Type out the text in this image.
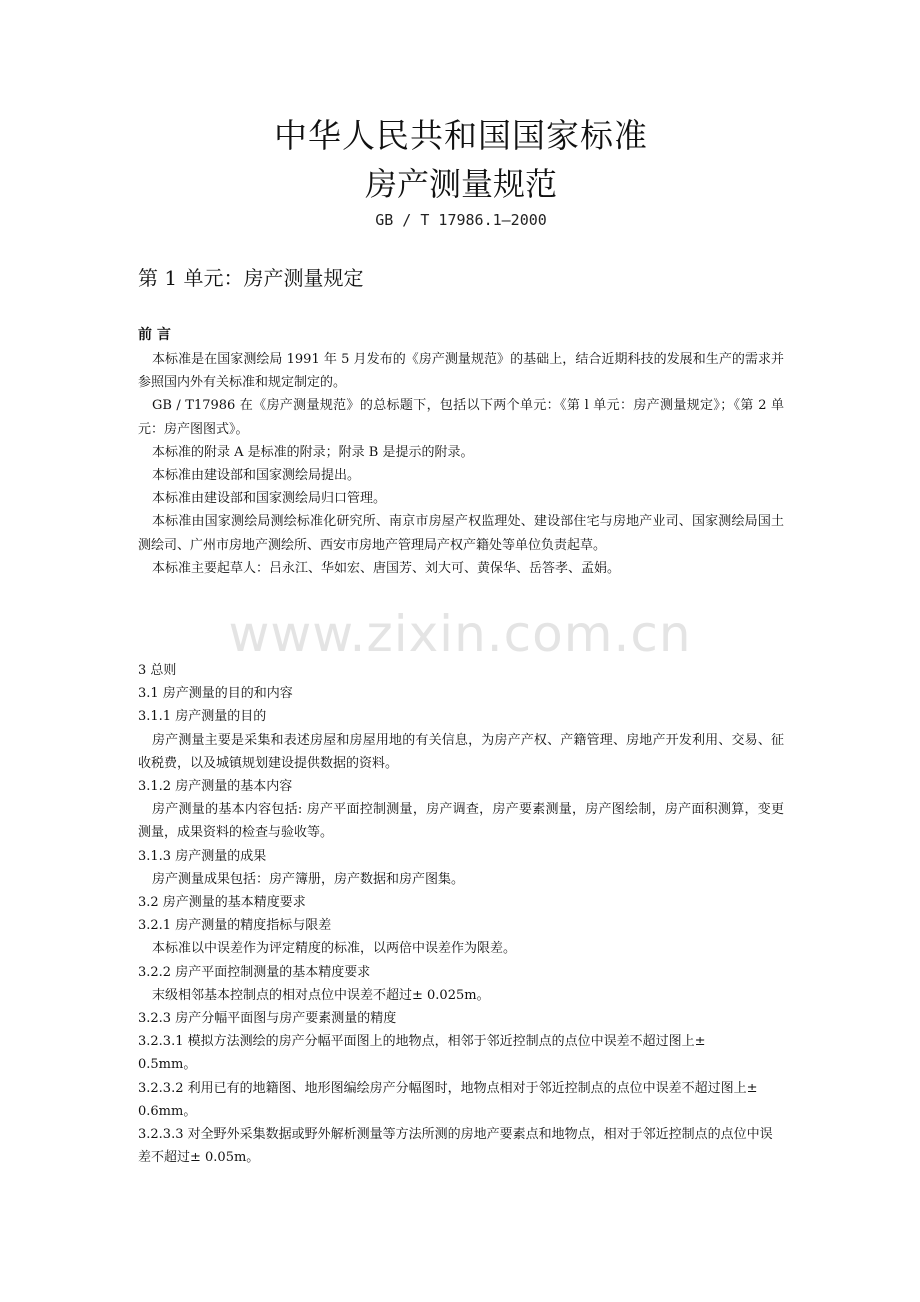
中华人民共和国国家标准
房产测量规范
GB / T 17986.1—2000
第 1 单元：房产测量规定
前 言

本标准是在国家测绘局 1991 年 5 月发布的《房产测量规范》的基础上，结合近期科技的发展和生产的需求并参照国内外有关标准和规定制定的。

GB / T17986 在《房产测量规范》的总标题下，包括以下两个单元：《第 l 单元：房产测量规定》；《第 2 单元：房产图图式》。

本标准的附录 A 是标准的附录；附录 B 是提示的附录。

本标准由建设部和国家测绘局提出。

本标准由建设部和国家测绘局归口管理。

本标准由国家测绘局测绘标准化研究所、南京市房屋产权监理处、建设部住宅与房地产业司、国家测绘局国土测绘司、广州市房地产测绘所、西安市房地产管理局产权产籍处等单位负责起草。

本标准主要起草人：吕永江、华如宏、唐国芳、刘大可、黄保华、岳答孝、孟娟。

3 总则

3.1 房产测量的目的和内容

3.1.1 房产测量的目的

房产测量主要是采集和表述房屋和房屋用地的有关信息，为房产产权、产籍管理、房地产开发利用、交易、征收税费，以及城镇规划建设提供数据的资料。

3.1.2 房产测量的基本内容

房产测量的基本内容包括: 房产平面控制测量，房产调查，房产要素测量，房产图绘制，房产面积测算，变更测量，成果资料的检查与验收等。

3.1.3 房产测量的成果

房产测量成果包括：房产簿册，房产数据和房产图集。

3.2 房产测量的基本精度要求

3.2.1 房产测量的精度指标与限差

本标准以中误差作为评定精度的标准，以两倍中误差作为限差。

3.2.2 房产平面控制测量的基本精度要求

末级相邻基本控制点的相对点位中误差不超过± 0.025m。

3.2.3 房产分幅平面图与房产要素测量的精度

3.2.3.1 模拟方法测绘的房产分幅平面图上的地物点，相邻于邻近控制点的点位中误差不超过图上±

0.5mm。

3.2.3.2 利用已有的地籍图、地形图编绘房产分幅图时，地物点相对于邻近控制点的点位中误差不超过图上± 0.6mm。

3.2.3.3 对全野外采集数据或野外解析测量等方法所测的房地产要素点和地物点，相对于邻近控制点的点位中误差不超过± 0.05m。

www.zixin.com.cn
